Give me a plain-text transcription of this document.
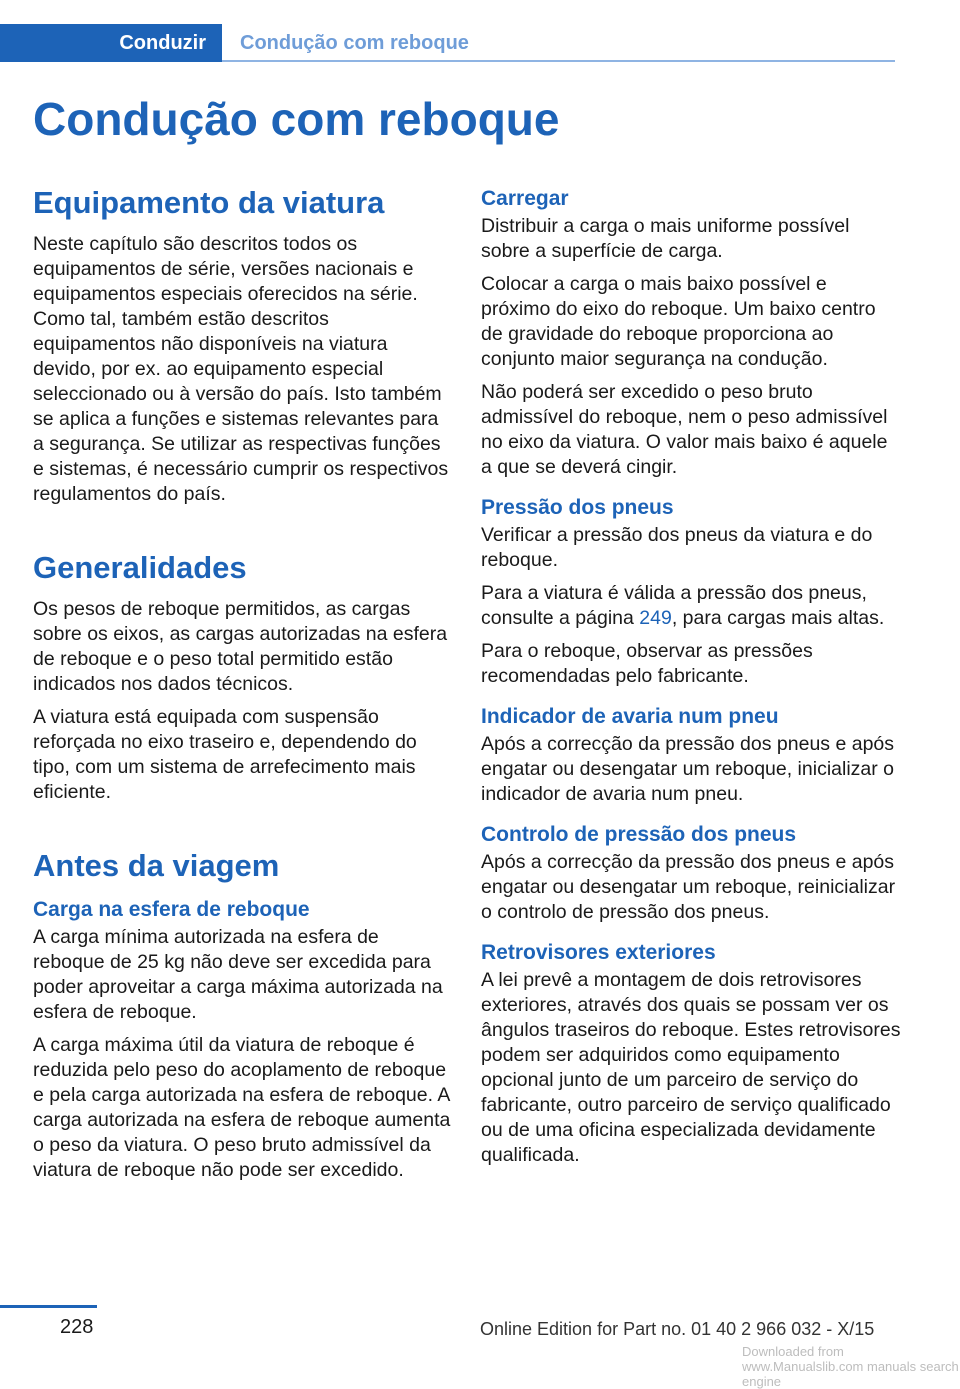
Conduzir Condução com reboque
Condução com reboque
Equipamento da viatura

Neste capítulo são descritos todos os equipamentos de série, versões nacionais e equipamentos especiais oferecidos na série. Como tal, também estão descritos equipamentos não disponíveis na viatura devido, por ex. ao equipamento especial seleccionado ou à versão do país. Isto também se aplica a funções e sistemas relevantes para a segurança. Se utilizar as respectivas funções e sistemas, é necessário cumprir os respectivos regulamentos do país.

Generalidades

Os pesos de reboque permitidos, as cargas sobre os eixos, as cargas autorizadas na esfera de reboque e o peso total permitido estão indicados nos dados técnicos.

A viatura está equipada com suspensão reforçada no eixo traseiro e, dependendo do tipo, com um sistema de arrefecimento mais eficiente.

Antes da viagem
Carga na esfera de reboque

A carga mínima autorizada na esfera de reboque de 25 kg não deve ser excedida para poder aproveitar a carga máxima autorizada na esfera de reboque.

A carga máxima útil da viatura de reboque é reduzida pelo peso do acoplamento de reboque e pela carga autorizada na esfera de reboque. A carga autorizada na esfera de reboque aumenta o peso da viatura. O peso bruto admissível da viatura de reboque não pode ser excedido.

Carregar

Distribuir a carga o mais uniforme possível sobre a superfície de carga.

Colocar a carga o mais baixo possível e próximo do eixo do reboque. Um baixo centro de gravidade do reboque proporciona ao conjunto maior segurança na condução.

Não poderá ser excedido o peso bruto admissível do reboque, nem o peso admissível no eixo da viatura. O valor mais baixo é aquele a que se deverá cingir.

Pressão dos pneus

Verificar a pressão dos pneus da viatura e do reboque.

Para a viatura é válida a pressão dos pneus, consulte a página 249, para cargas mais altas.

Para o reboque, observar as pressões recomendadas pelo fabricante.

Indicador de avaria num pneu

Após a correcção da pressão dos pneus e após engatar ou desengatar um reboque, inicializar o indicador de avaria num pneu.

Controlo de pressão dos pneus

Após a correcção da pressão dos pneus e após engatar ou desengatar um reboque, reinicializar o controlo de pressão dos pneus.

Retrovisores exteriores

A lei prevê a montagem de dois retrovisores exteriores, através dos quais se possam ver os ângulos traseiros do reboque. Estes retrovisores podem ser adquiridos como equipamento opcional junto de um parceiro de serviço do fabricante, outro parceiro de serviço qualificado ou de uma oficina especializada devidamente qualificada.

228	Online Edition for Part no. 01 40 2 966 032 - X/15
Downloaded from www.Manualslib.com manuals search engine
